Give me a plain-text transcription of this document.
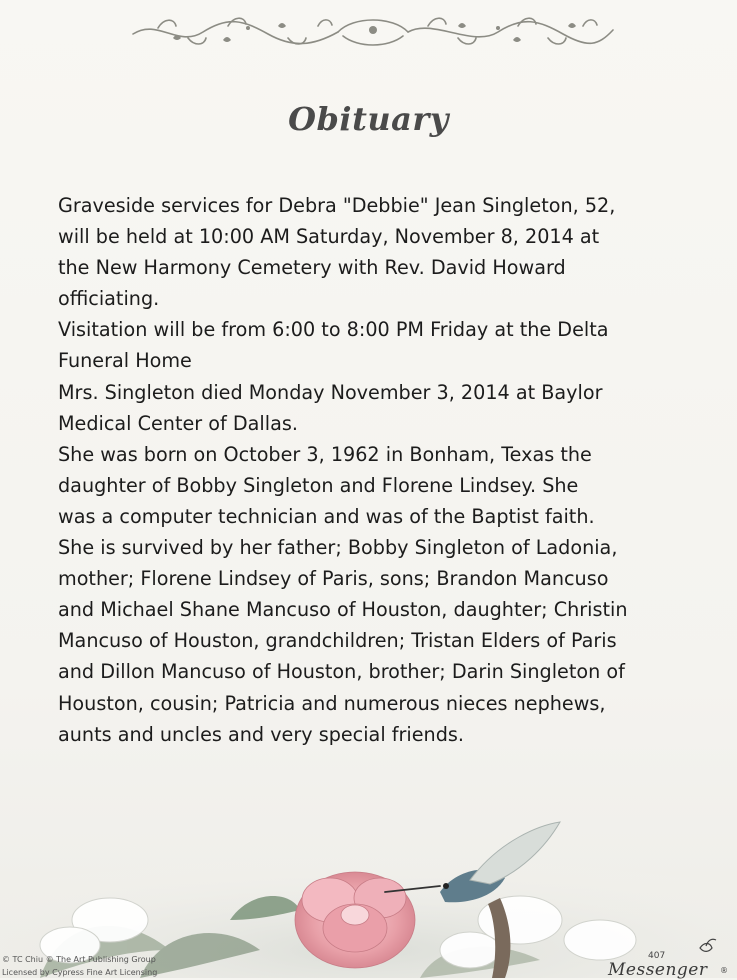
Obituary
Graveside services for Debra "Debbie" Jean Singleton, 52,
will be held at 10:00 AM Saturday, November 8, 2014 at
the New Harmony Cemetery with Rev. David Howard
officiating.
Visitation will be from 6:00 to 8:00 PM Friday at the Delta
Funeral Home
Mrs. Singleton died Monday November 3, 2014 at Baylor
Medical Center of Dallas.
She was born on October 3, 1962 in Bonham, Texas the
daughter of Bobby Singleton and Florene Lindsey. She
was a computer technician and was of the Baptist faith.
She is survived by her father; Bobby Singleton of Ladonia,
mother; Florene Lindsey of Paris, sons; Brandon Mancuso
and Michael Shane Mancuso of Houston, daughter; Christin
Mancuso of Houston, grandchildren; Tristan Elders of Paris
and Dillon Mancuso of Houston, brother; Darin Singleton of
Houston, cousin; Patricia and numerous nieces nephews,
aunts and uncles and very special friends.
© TC Chiu © The Art Publishing Group
Licensed by Cypress Fine Art Licensing
407
Messenger ®
